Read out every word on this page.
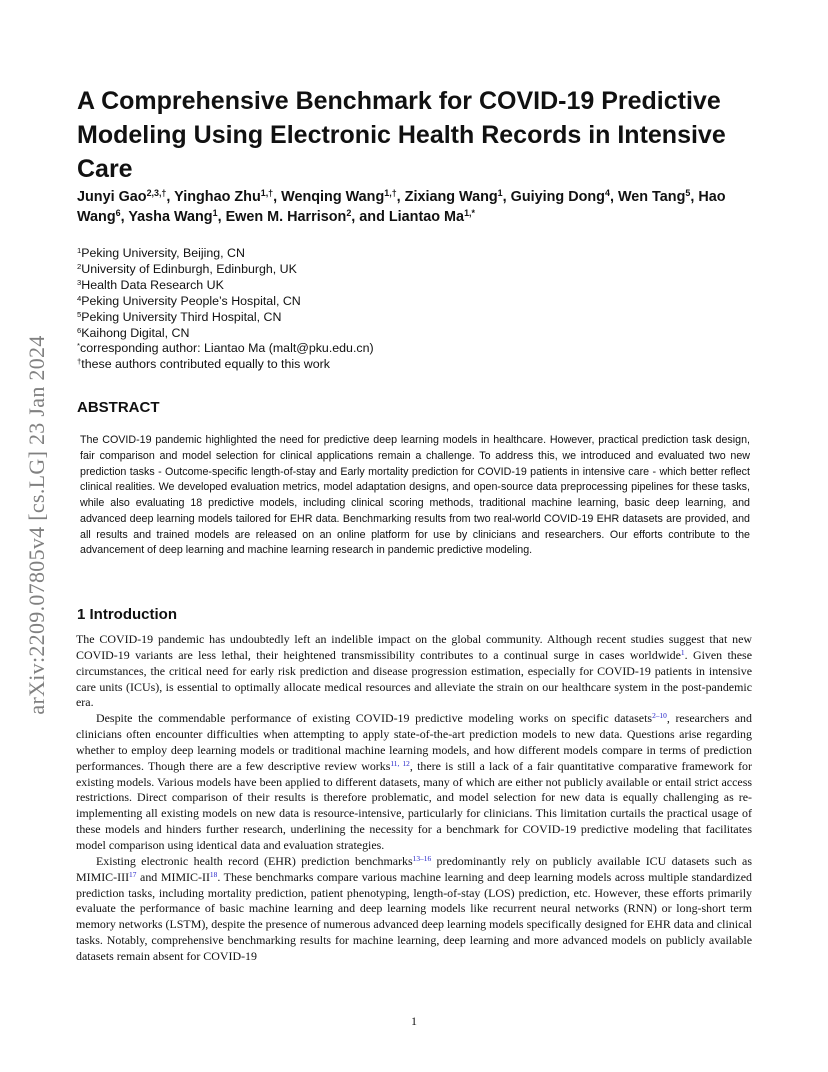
arXiv:2209.07805v4 [cs.LG] 23 Jan 2024
A Comprehensive Benchmark for COVID-19 Predictive Modeling Using Electronic Health Records in Intensive Care

Junyi Gao$^{2,3,\dagger}$, Yinghao Zhu$^{1,\dagger}$, Wenqing Wang$^{1,\dagger}$, Zixiang Wang$^1$, Guiying Dong$^4$, Wen Tang$^5$, Hao Wang$^6$, Yasha Wang$^1$, Ewen M. Harrison$^2$, and Liantao $Ma^{1,*}$

$^1$Peking University, Beijing, CN
$^2$University of Edinburgh, Edinburgh, UK
$^3$Health Data Research UK
$^4$Peking University People’s Hospital, CN
$^5$Peking University Third Hospital, CN
$^6$Kaihong Digital, CN
*corresponding author: Liantao Ma (malt@pku.edu.cn)
†these authors contributed equally to this work
ABSTRACT

The COVID-19 pandemic highlighted the need for predictive deep learning models in healthcare. However, practical prediction task design, fair comparison and model selection for clinical applications remain a challenge. To address this, we introduced and evaluated two new prediction tasks - Outcome-specific length-of-stay and Early mortality prediction for COVID-19 patients in intensive care - which better reflect clinical realities. We developed evaluation metrics, model adaptation designs, and open-source data preprocessing pipelines for these tasks, while also evaluating 18 predictive models, including clinical scoring methods, traditional machine learning, basic deep learning, and advanced deep learning models tailored for EHR data. Benchmarking results from two real-world COVID-19 EHR datasets are provided, and all results and trained models are released on an online platform for use by clinicians and researchers. Our efforts contribute to the advancement of deep learning and machine learning research in pandemic predictive modeling.

1 Introduction

The COVID-19 pandemic has undoubtedly left an indelible impact on the global community. Although recent studies suggest that new COVID-19 variants are less lethal, their heightened transmissibility contributes to a continual surge in cases worldwide$^1$. Given these circumstances, the critical need for early risk prediction and disease progression estimation, especially for COVID-19 patients in intensive care units (ICUs), is essential to optimally allocate medical resources and alleviate the strain on our healthcare system in the post-pandemic era.

Despite the commendable performance of existing COVID-19 predictive modeling works on specific datasets$^{2-10}$, researchers and clinicians often encounter difficulties when attempting to apply state-of-the-art prediction models to new data. Questions arise regarding whether to employ deep learning models or traditional machine learning models, and how different models compare in terms of prediction performances. Though there are a few descriptive review works$^{11, 12}$, there is still a lack of a fair quantitative comparative framework for existing models. Various models have been applied to different datasets, many of which are either not publicly available or entail strict access restrictions. Direct comparison of their results is therefore problematic, and model selection for new data is equally challenging as re-implementing all existing models on new data is resource-intensive, particularly for clinicians. This limitation curtails the practical usage of these models and hinders further research, underlining the necessity for a benchmark for COVID-19 predictive modeling that facilitates model comparison using identical data and evaluation strategies.

Existing electronic health record (EHR) prediction benchmarks$^{13-16}$ predominantly rely on publicly available ICU datasets such as MIMIC-III$^{17}$ and MIMIC-II$^{18}$. These benchmarks compare various machine learning and deep learning models across multiple standardized prediction tasks, including mortality prediction, patient phenotyping, length-of-stay (LOS) prediction, etc. However, these efforts primarily evaluate the performance of basic machine learning and deep learning models like recurrent neural networks (RNN) or long-short term memory networks (LSTM), despite the presence of numerous advanced deep learning models specifically designed for EHR data and clinical tasks. Notably, comprehensive benchmarking results for machine learning, deep learning and more advanced models on publicly available datasets remain absent for COVID-19

1
